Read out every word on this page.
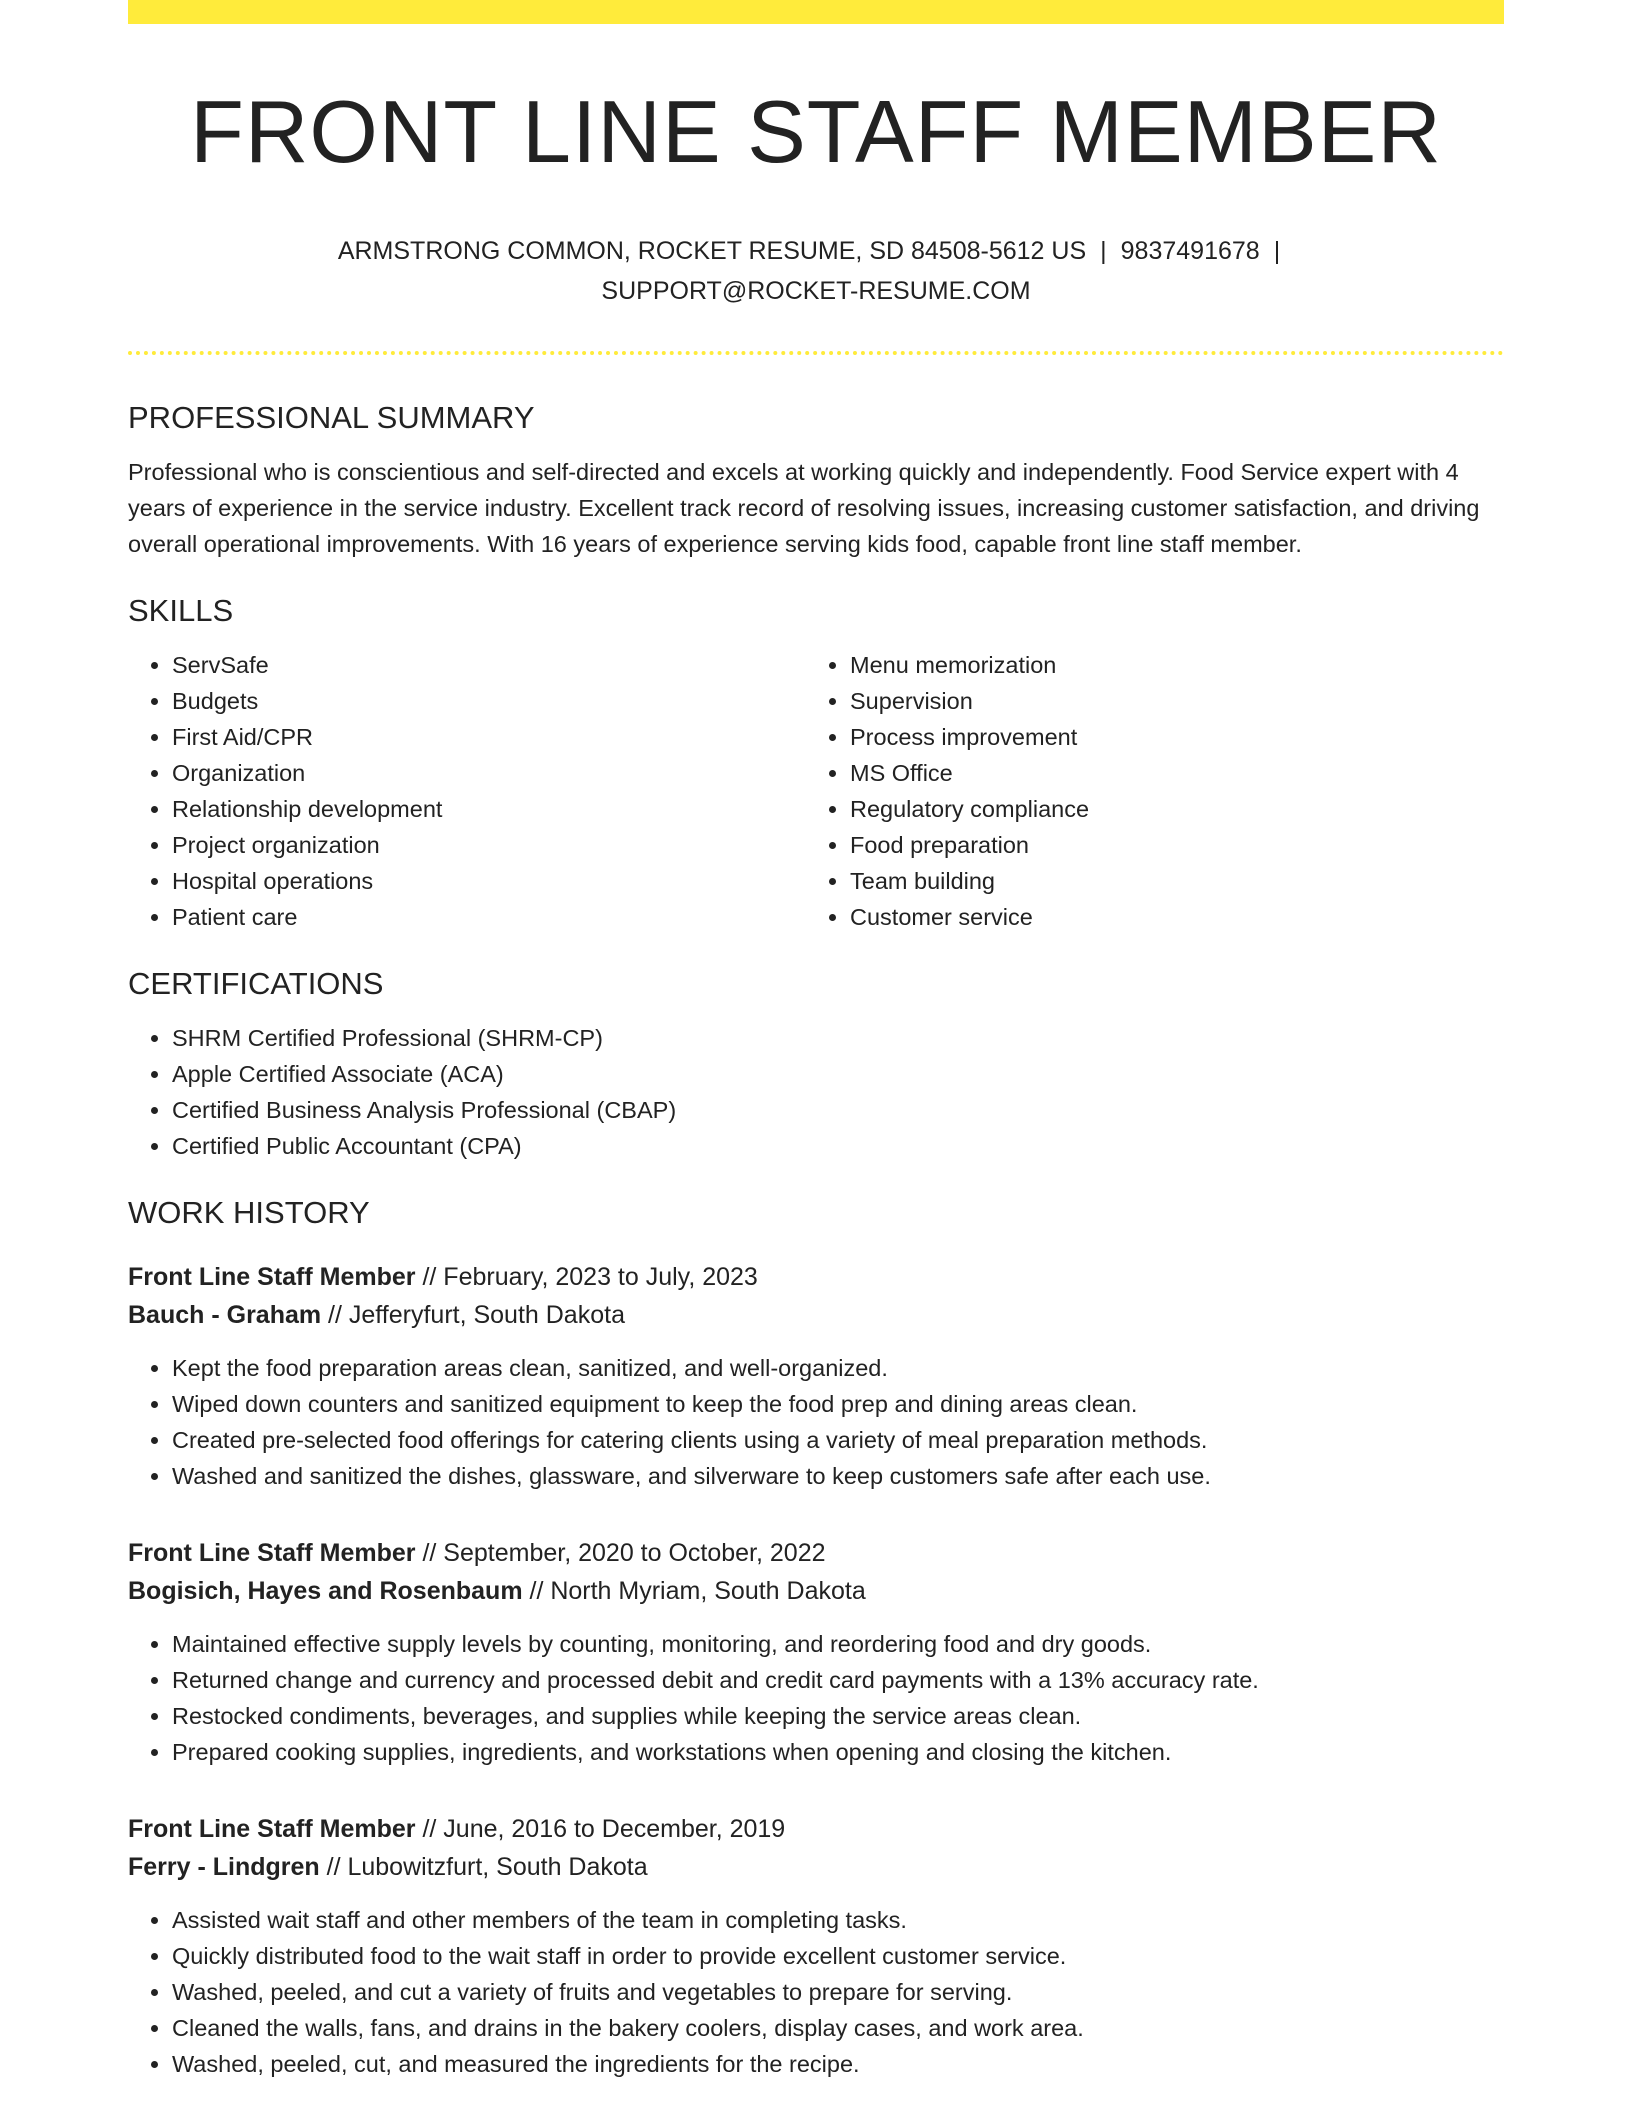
FRONT LINE STAFF MEMBER
ARMSTRONG COMMON, ROCKET RESUME, SD 84508-5612 US | 9837491678 |
SUPPORT@ROCKET-RESUME.COM
PROFESSIONAL SUMMARY

Professional who is conscientious and self-directed and excels at working quickly and independently. Food Service expert with 4 years of experience in the service industry. Excellent track record of resolving issues, increasing customer satisfaction, and driving overall operational improvements. With 16 years of experience serving kids food, capable front line staff member.

SKILLS
• ServSafe
• Budgets
• First Aid/CPR
• Organization
• Relationship development
• Project organization
• Hospital operations
• Patient care
• Menu memorization
• Supervision
• Process improvement
• MS Office
• Regulatory compliance
• Food preparation
• Team building
• Customer service
CERTIFICATIONS
• SHRM Certified Professional (SHRM-CP)
• Apple Certified Associate (ACA)
• Certified Business Analysis Professional (CBAP)
• Certified Public Accountant (CPA)
WORK HISTORY
Front Line Staff Member // February, 2023 to July, 2023
Bauch - Graham // Jefferyfurt, South Dakota
• Kept the food preparation areas clean, sanitized, and well-organized.
• Wiped down counters and sanitized equipment to keep the food prep and dining areas clean.
• Created pre-selected food offerings for catering clients using a variety of meal preparation methods.
• Washed and sanitized the dishes, glassware, and silverware to keep customers safe after each use.
Front Line Staff Member // September, 2020 to October, 2022
Bogisich, Hayes and Rosenbaum // North Myriam, South Dakota
• Maintained effective supply levels by counting, monitoring, and reordering food and dry goods.
• Returned change and currency and processed debit and credit card payments with a 13% accuracy rate.
• Restocked condiments, beverages, and supplies while keeping the service areas clean.
• Prepared cooking supplies, ingredients, and workstations when opening and closing the kitchen.
Front Line Staff Member // June, 2016 to December, 2019
Ferry - Lindgren // Lubowitzfurt, South Dakota
• Assisted wait staff and other members of the team in completing tasks.
• Quickly distributed food to the wait staff in order to provide excellent customer service.
• Washed, peeled, and cut a variety of fruits and vegetables to prepare for serving.
• Cleaned the walls, fans, and drains in the bakery coolers, display cases, and work area.
• Washed, peeled, cut, and measured the ingredients for the recipe.
